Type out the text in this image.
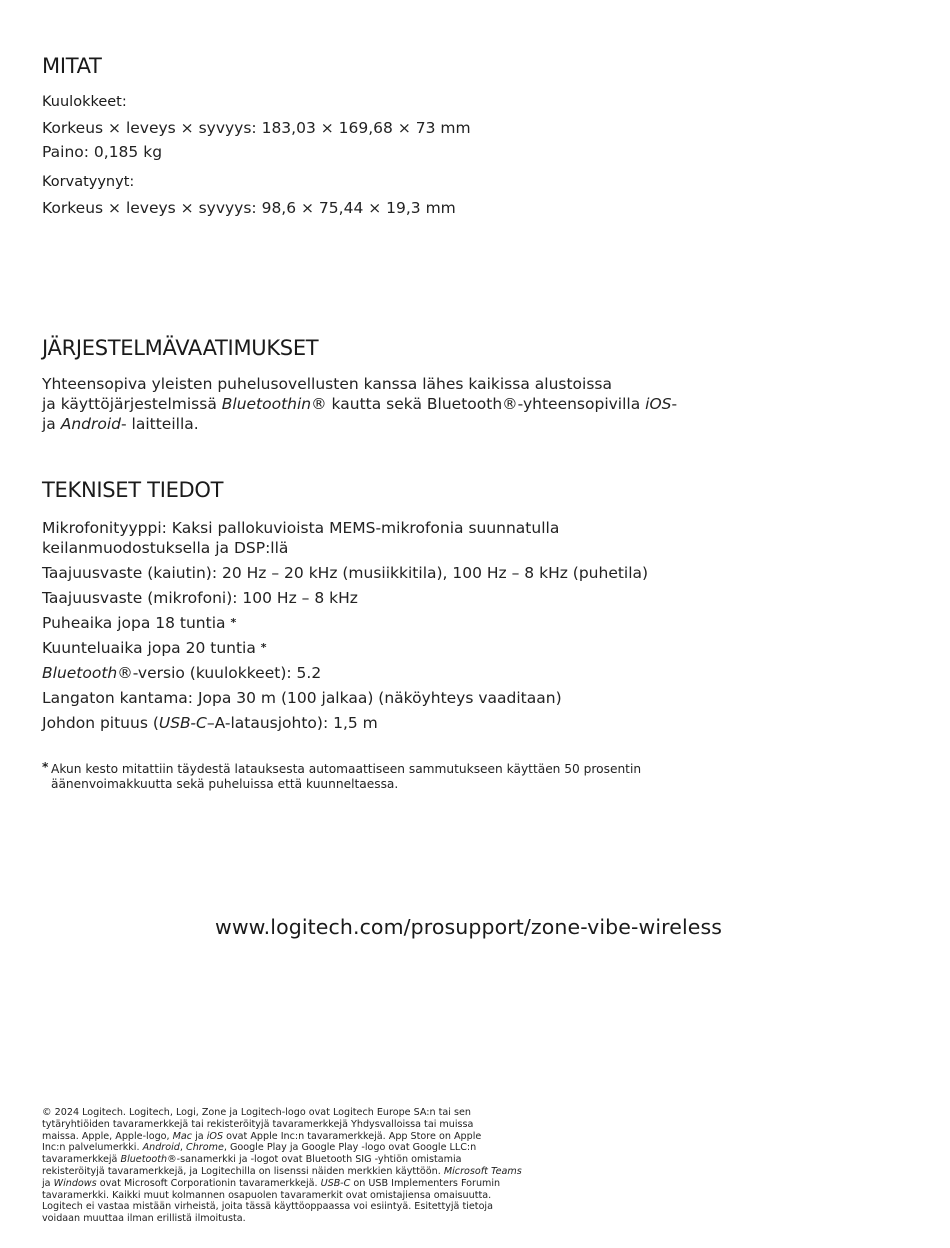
MITAT

Kuulokkeet:

Korkeus × leveys × syvyys: 183,03 × 169,68 × 73 mm

Paino: 0,185 kg

Korvatyynyt:

Korkeus × leveys × syvyys: 98,6 × 75,44 × 19,3 mm

JÄRJESTELMÄVAATIMUKSET

Yhteensopiva yleisten puhelusovellusten kanssa lähes kaikissa alustoissa

ja käyttöjärjestelmissä Bluetoothin® kautta sekä Bluetooth®-yhteensopivilla iOS-

ja Android- laitteilla.

TEKNISET TIEDOT

Mikrofonityyppi: Kaksi pallokuvioista MEMS-mikrofonia suunnatulla

keilanmuodostuksella ja DSP:llä

Taajuusvaste (kaiutin): 20 Hz – 20 kHz (musiikkitila), 100 Hz – 8 kHz (puhetila)

Taajuusvaste (mikrofoni): 100 Hz – 8 kHz

Puheaika jopa 18 tuntia *

Kuunteluaika jopa 20 tuntia *

Bluetooth®-versio (kuulokkeet): 5.2

Langaton kantama: Jopa 30 m (100 jalkaa) (näköyhteys vaaditaan)

Johdon pituus (USB-C–A-latausjohto): 1,5 m

* Akun kesto mitattiin täydestä latauksesta automaattiseen sammutukseen käyttäen 50 prosentin
äänenvoimakkuutta sekä puheluissa että kuunneltaessa.
www.logitech.com/prosupport/zone-vibe-wireless
© 2024 Logitech. Logitech, Logi, Zone ja Logitech-logo ovat Logitech Europe SA:n tai sen
tytäryhtiöiden tavaramerkkejä tai rekisteröityjä tavaramerkkejä Yhdysvalloissa tai muissa
maissa. Apple, Apple-logo, Mac ja iOS ovat Apple Inc:n tavaramerkkejä. App Store on Apple
Inc:n palvelumerkki. Android, Chrome, Google Play ja Google Play -logo ovat Google LLC:n
tavaramerkkejä Bluetooth®-sanamerkki ja -logot ovat Bluetooth SIG -yhtiön omistamia
rekisteröityjä tavaramerkkejä, ja Logitechilla on lisenssi näiden merkkien käyttöön. Microsoft Teams
ja Windows ovat Microsoft Corporationin tavaramerkkejä. USB-C on USB Implementers Forumin
tavaramerkki. Kaikki muut kolmannen osapuolen tavaramerkit ovat omistajiensa omaisuutta.
Logitech ei vastaa mistään virheistä, joita tässä käyttöoppaassa voi esiintyä. Esitettyjä tietoja
voidaan muuttaa ilman erillistä ilmoitusta.
